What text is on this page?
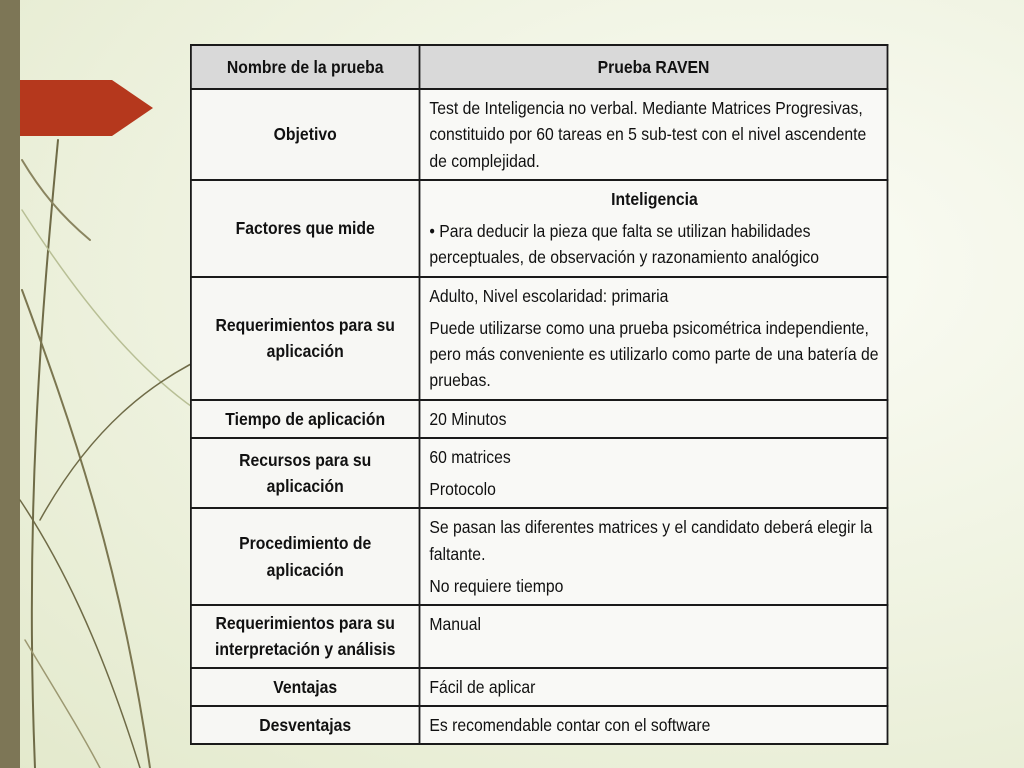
Nombre de la prueba	Prueba RAVEN
Objetivo	Test de Inteligencia no verbal. Mediante Matrices Progresivas, constituido por 60 tareas en 5 sub-test con el nivel ascendente de complejidad.

Factores que mide	Inteligencia

• Para deducir la pieza que falta se utilizan habilidades perceptuales, de observación y razonamiento analógico

Requerimientos para su aplicación	Adulto, Nivel escolaridad: primaria

Puede utilizarse como una prueba psicométrica independiente, pero más conveniente es utilizarlo como parte de una batería de pruebas.

Tiempo de aplicación	20 Minutos

Recursos para su aplicación	60 matrices

Protocolo

Procedimiento de aplicación	Se pasan las diferentes matrices y el candidato deberá elegir la faltante.

No requiere tiempo

Requerimientos para su interpretación y análisis	Manual

Ventajas	Fácil de aplicar

Desventajas	Es recomendable contar con el software
